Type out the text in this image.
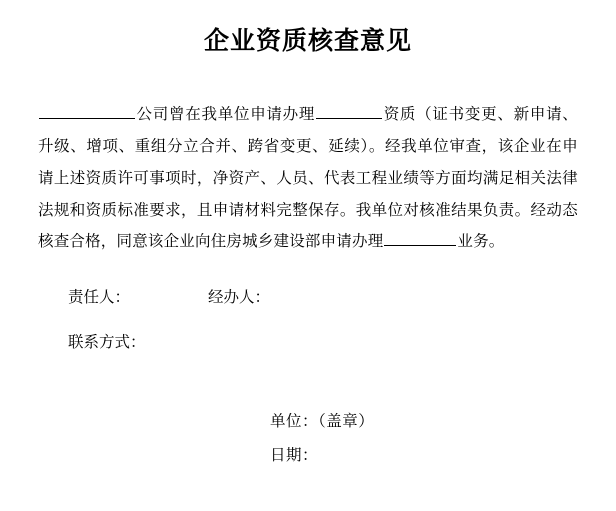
企业资质核查意见

公司曾在我单位申请办理	资质（证书变更、新申请、升级、增项、重组分立合并、跨省变更、延续）。经我单位审查，该企业在申请上述资质许可事项时，净资产、人员、代表工程业绩等方面均满足相关法律法规和资质标准要求，且申请材料完整保存。我单位对核准结果负责。经动态核查合格，同意该企业向住房城乡建设部申请办理	业务。

责任人：	经办人：
联系方式：
单位：（盖章）
日期：
